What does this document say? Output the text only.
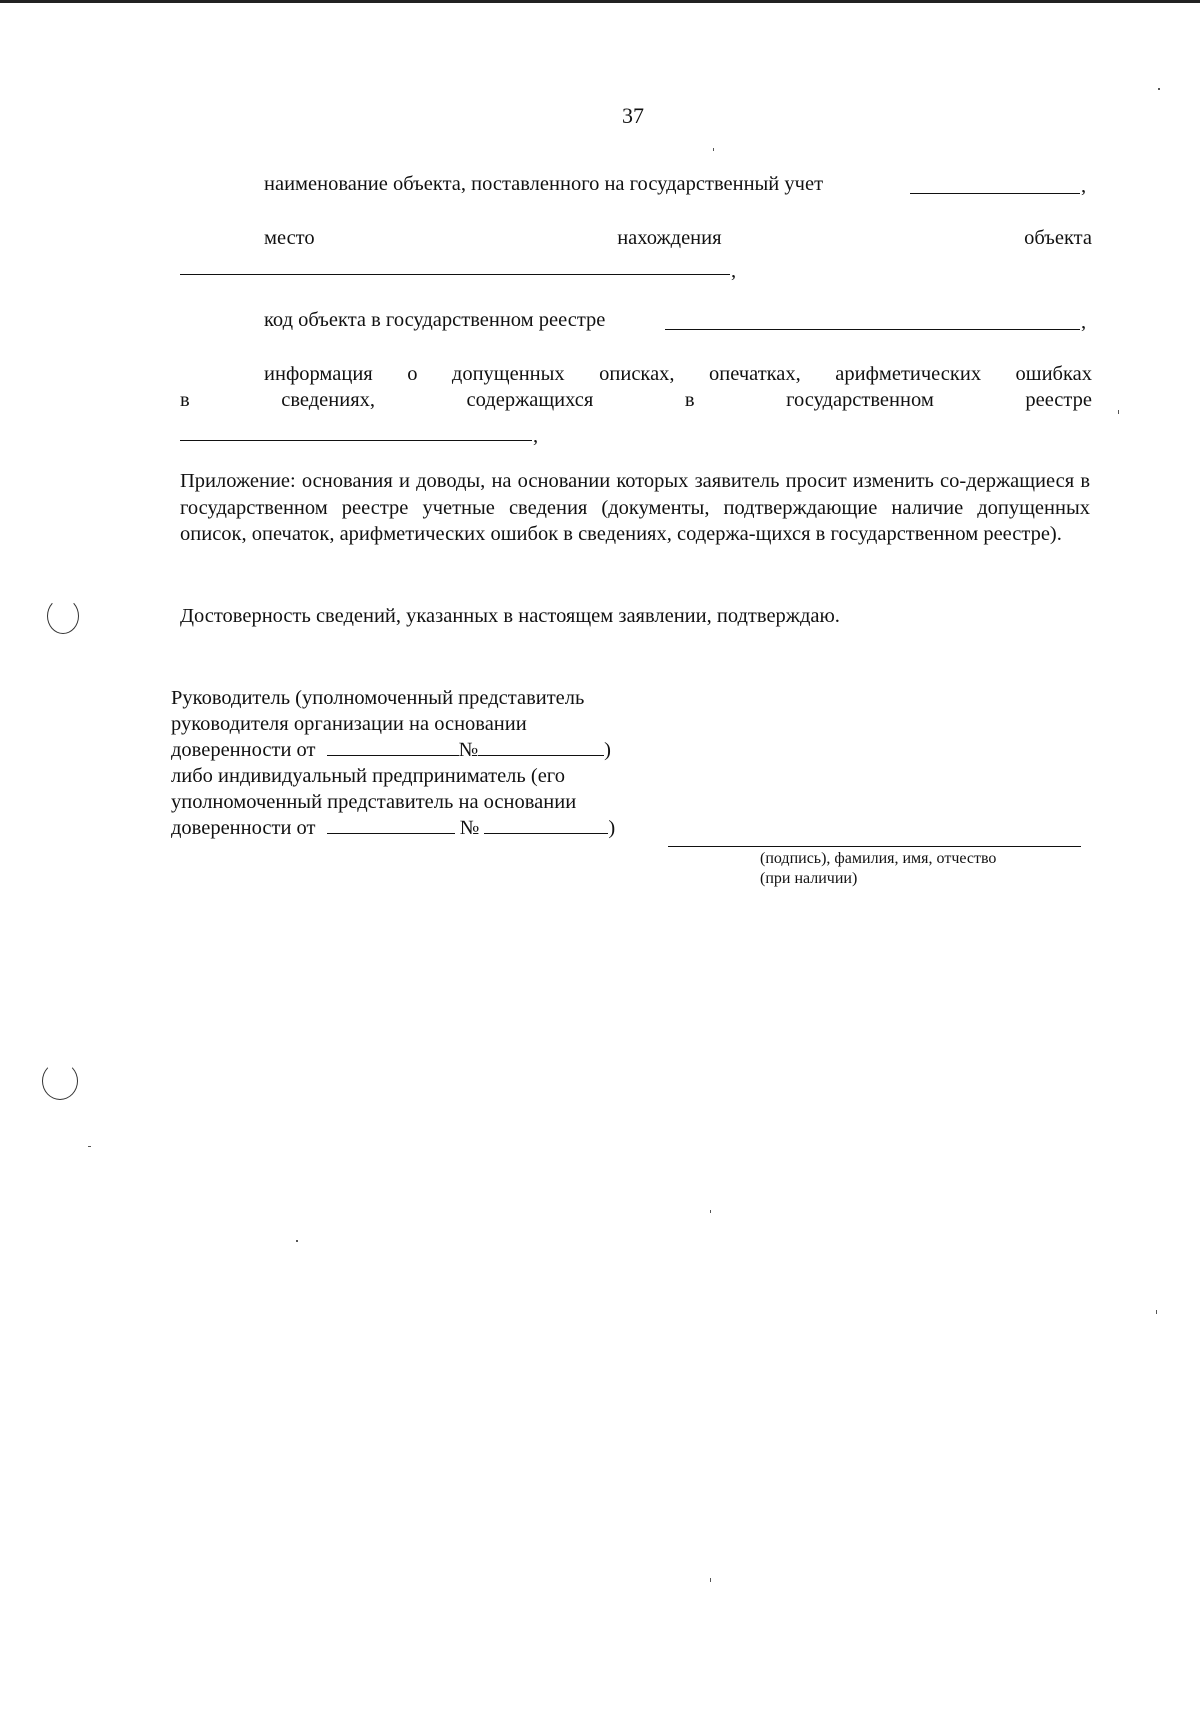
37
наименование объекта, поставленного на государственный учет	,
место	нахождения	объекта
,
код объекта в государственном реестре	,
информация о допущенных описках, опечатках, арифметических ошибках
в	сведениях,	содержащихся	в	государственном	реестре
,
Приложение: основания и доводы, на основании которых заявитель просит изменить со-держащиеся в государственном реестре учетные сведения (документы, подтверждающие наличие допущенных описок, опечаток, арифметических ошибок в сведениях, содержа-щихся в государственном реестре).
Достоверность сведений, указанных в настоящем заявлении, подтверждаю.
Руководитель (уполномоченный представитель
руководителя организации на основании
доверенности от	№	)
либо индивидуальный предприниматель (его
уполномоченный представитель на основании
доверенности от	№	)
(подпись), фамилия, имя, отчество
(при наличии)
